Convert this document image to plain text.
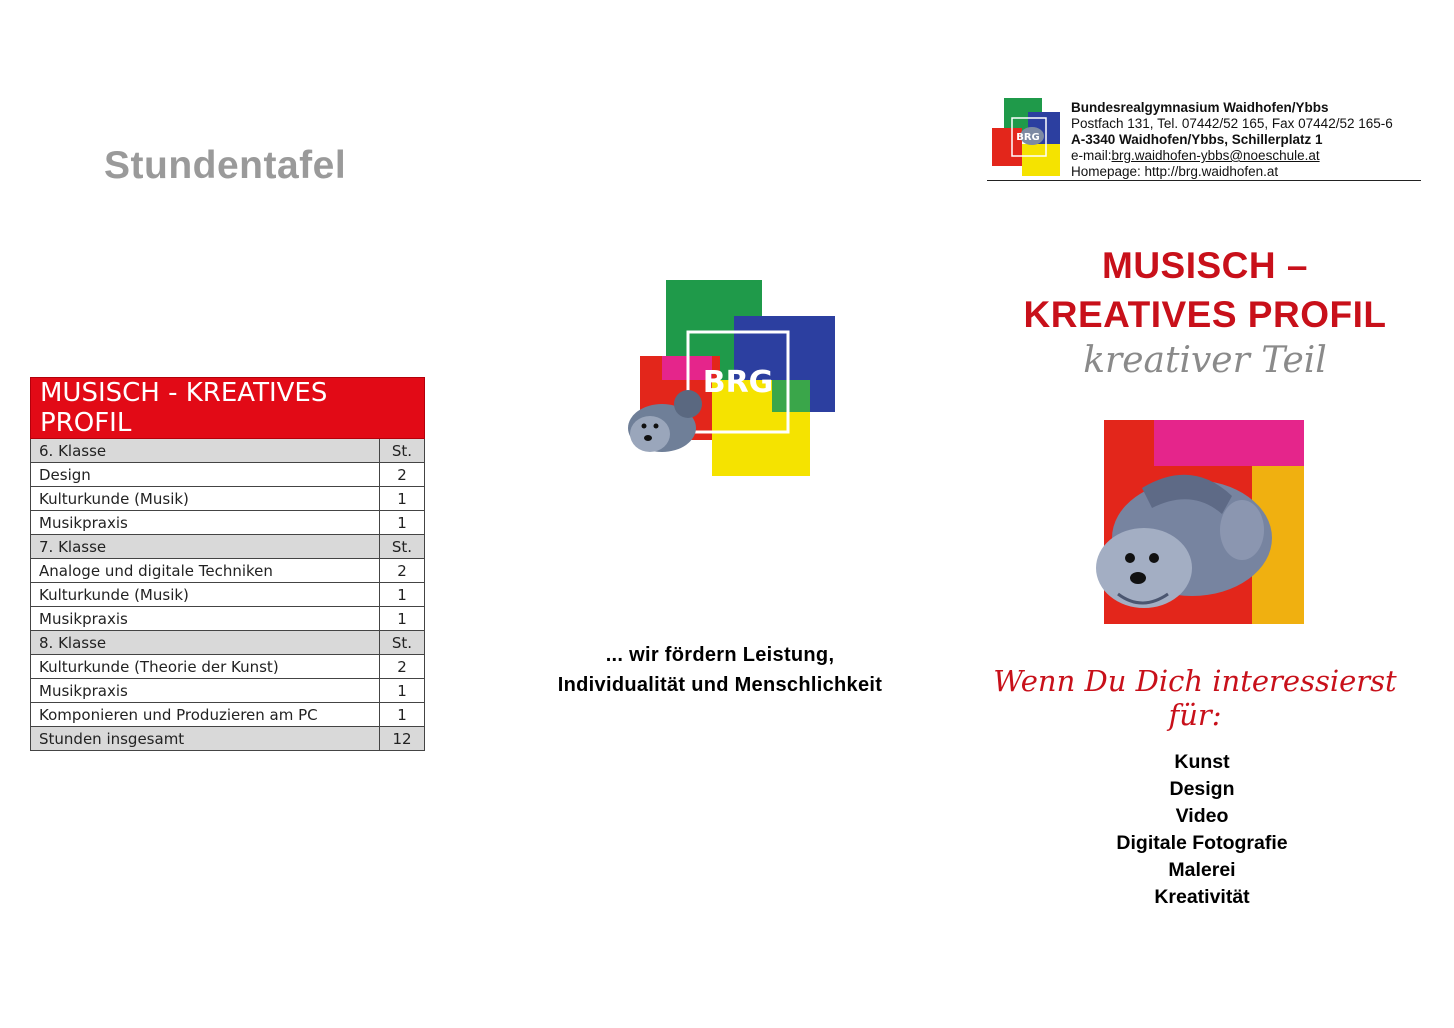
Stundentafel
MUSISCH - KREATIVES PROFIL	
6. Klasse	St.
Design	2
Kulturkunde (Musik)	1
Musikpraxis	1
7. Klasse	St.
Analoge und digitale Techniken	2
Kulturkunde (Musik)	1
Musikpraxis	1
8. Klasse	St.
Kulturkunde (Theorie der Kunst)	2
Musikpraxis	1
Komponieren und Produzieren am PC	1
Stunden insgesamt	12
BRG
... wir fördern Leistung,
Individualität und Menschlichkeit
BRG
Bundesrealgymnasium Waidhofen/Ybbs
Postfach 131, Tel. 07442/52 165, Fax 07442/52 165-6
A-3340 Waidhofen/Ybbs, Schillerplatz 1
e-mail:brg.waidhofen-ybbs@noeschule.at
Homepage: http://brg.waidhofen.at
MUSISCH –
KREATIVES PROFIL
kreativer Teil
Wenn Du Dich interessierst für:
Kunst
Design
Video
Digitale Fotografie
Malerei
Kreativität
